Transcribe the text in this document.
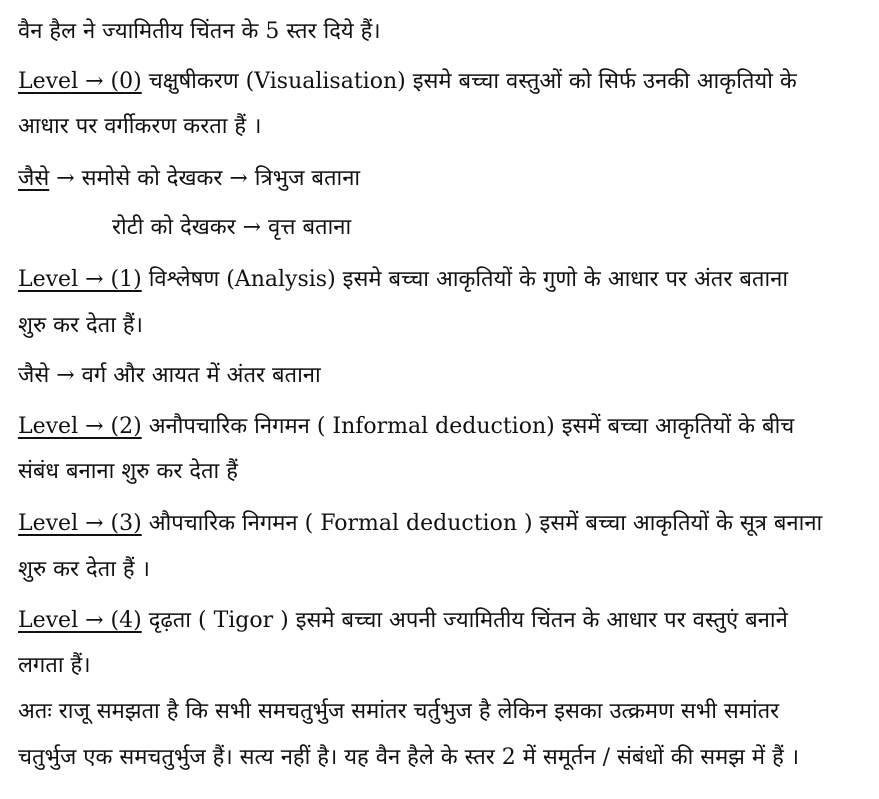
वैन हैल ने ज्यामितीय चिंतन के 5 स्तर दिये हैं।
Level → (0) चक्षुषीकरण (Visualisation) इसमे बच्चा वस्तुओं को सिर्फ उनकी आकृतियो के
आधार पर वर्गीकरण करता हैं ।
जैसे → समोसे को देखकर → त्रिभुज बताना
रोटी को देखकर → वृत्त बताना
Level → (1) विश्लेषण (Analysis) इसमे बच्चा आकृतियों के गुणो के आधार पर अंतर बताना
शुरु कर देता हैं।
जैसे → वर्ग और आयत में अंतर बताना
Level → (2) अनौपचारिक निगमन ( Informal deduction) इसमें बच्चा आकृतियों के बीच
संबंध बनाना शुरु कर देता हैं
Level → (3) औपचारिक निगमन ( Formal deduction ) इसमें बच्चा आकृतियों के सूत्र बनाना
शुरु कर देता हैं ।
Level → (4) दृढ़ता ( Tigor ) इसमे बच्चा अपनी ज्यामितीय चिंतन के आधार पर वस्तुएं बनाने
लगता हैं।
अतः राजू समझता है कि सभी समचतुर्भुज समांतर चर्तुभुज है लेकिन इसका उत्क्रमण सभी समांतर
चतुर्भुज एक समचतुर्भुज हैं। सत्य नहीं है। यह वैन हैले के स्तर 2 में समूर्तन / संबंधों की समझ में हैं ।
